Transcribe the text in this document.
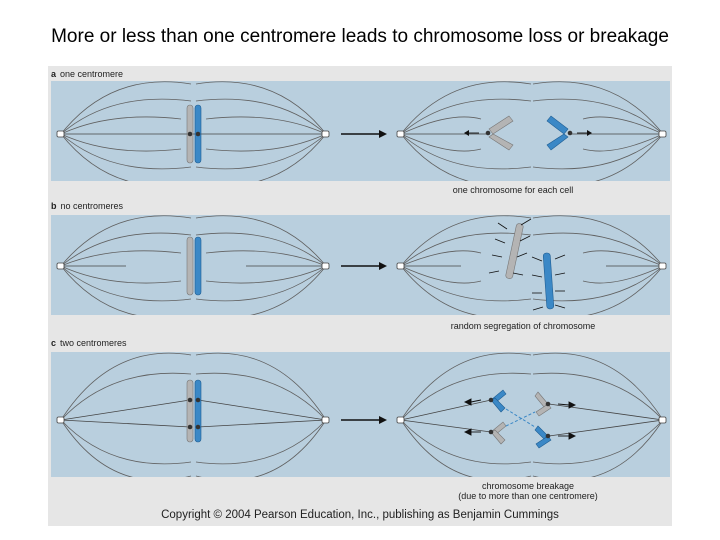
More or less than one centromere leads to chromosome loss or breakage
a one centromere
one chromosome for each cell
b no centromeres
random segregation of chromosome
c two centromeres
chromosome breakage
(due to more than one centromere)
Copyright © 2004 Pearson Education, Inc., publishing as Benjamin Cummings
